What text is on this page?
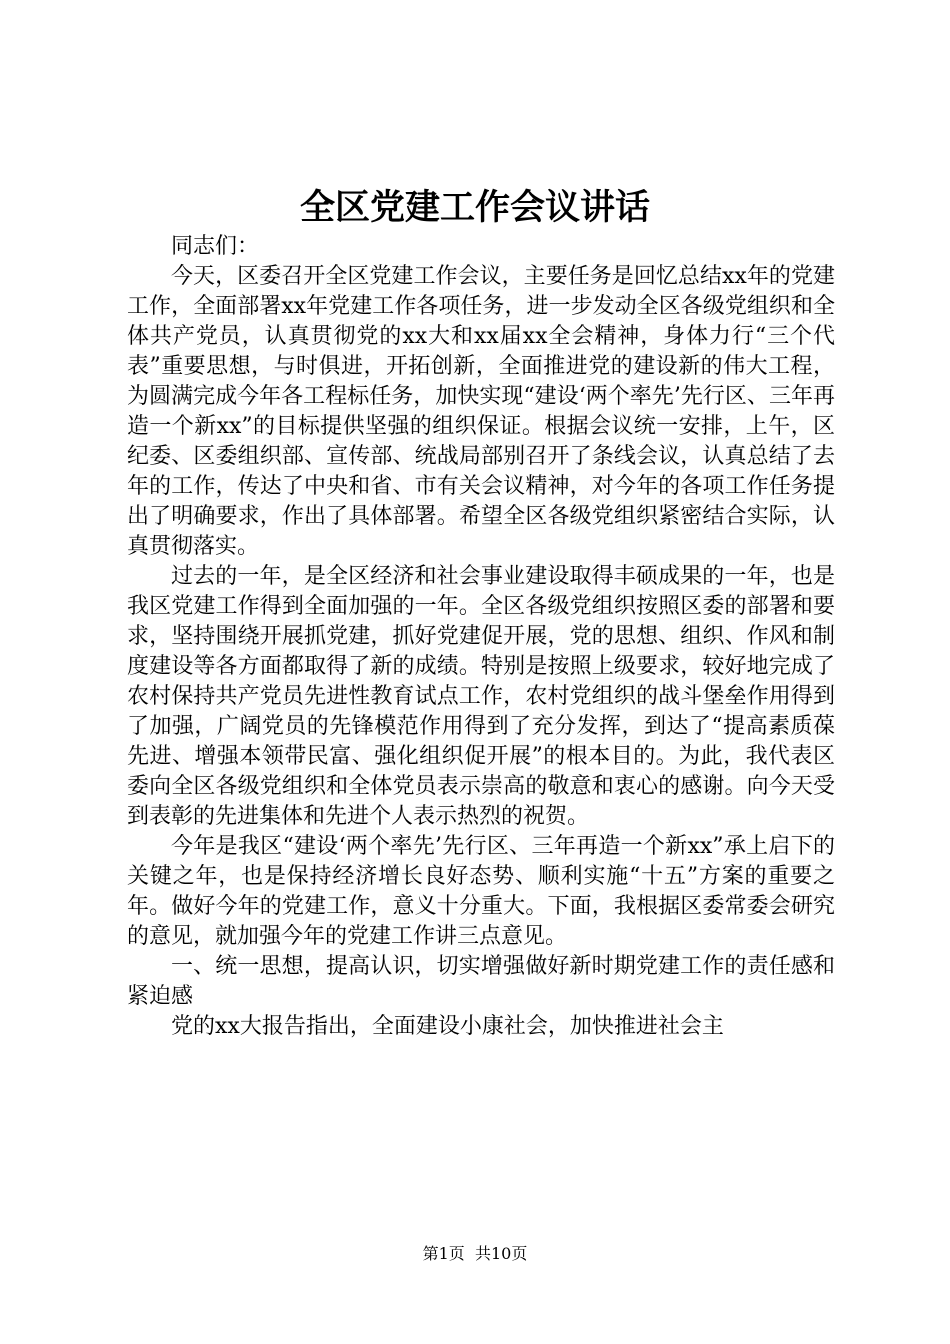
全区党建工作会议讲话

同志们：

今天，区委召开全区党建工作会议，主要任务是回忆总结xx年的党建工作，全面部署xx年党建工作各项任务，进一步发动全区各级党组织和全体共产党员，认真贯彻党的xx大和xx届xx全会精神，身体力行“三个代表”重要思想，与时俱进，开拓创新，全面推进党的建设新的伟大工程，为圆满完成今年各工程标任务，加快实现“建设‘两个率先’先行区、三年再造一个新xx”的目标提供坚强的组织保证。根据会议统一安排，上午，区纪委、区委组织部、宣传部、统战局部别召开了条线会议，认真总结了去年的工作，传达了中央和省、市有关会议精神，对今年的各项工作任务提出了明确要求，作出了具体部署。希望全区各级党组织紧密结合实际，认真贯彻落实。

过去的一年，是全区经济和社会事业建设取得丰硕成果的一年，也是我区党建工作得到全面加强的一年。全区各级党组织按照区委的部署和要求，坚持围绕开展抓党建，抓好党建促开展，党的思想、组织、作风和制度建设等各方面都取得了新的成绩。特别是按照上级要求，较好地完成了农村保持共产党员先进性教育试点工作，农村党组织的战斗堡垒作用得到了加强，广阔党员的先锋模范作用得到了充分发挥，到达了“提高素质葆先进、增强本领带民富、强化组织促开展”的根本目的。为此，我代表区委向全区各级党组织和全体党员表示崇高的敬意和衷心的感谢。向今天受到表彰的先进集体和先进个人表示热烈的祝贺。

今年是我区“建设‘两个率先’先行区、三年再造一个新xx”承上启下的关键之年，也是保持经济增长良好态势、顺利实施“十五”方案的重要之年。做好今年的党建工作，意义十分重大。下面，我根据区委常委会研究的意见，就加强今年的党建工作讲三点意见。

一、统一思想，提高认识，切实增强做好新时期党建工作的责任感和紧迫感

党的xx大报告指出，全面建设小康社会，加快推进社会主

第1页 共10页
